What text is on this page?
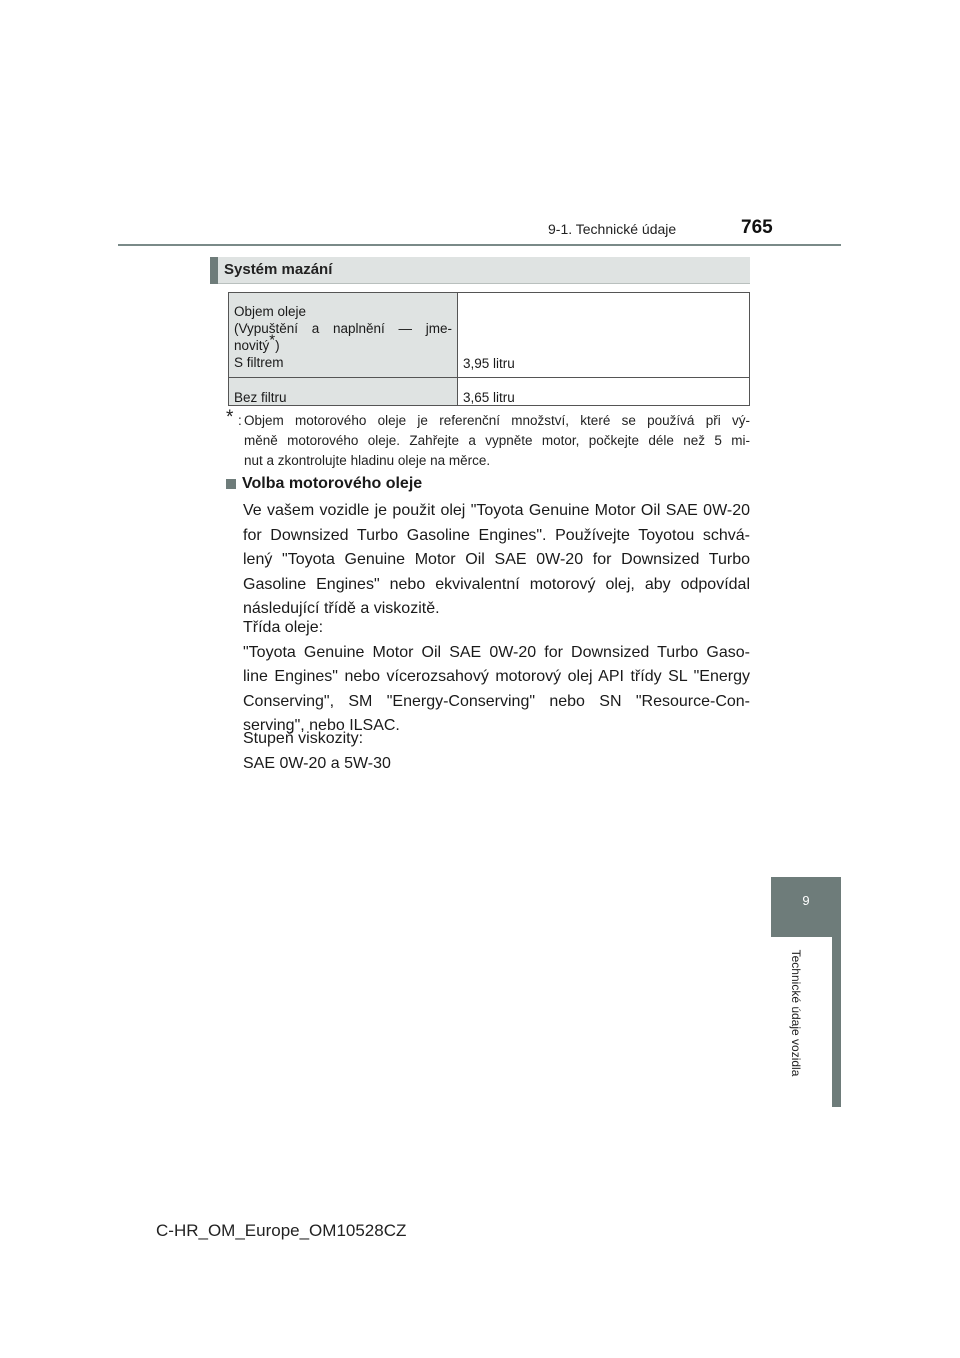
9-1. Technické údaje	765
9
Technické údaje vozidla
Systém mazání
Objem oleje
(Vypuštění a naplnění — jme-
novitý*)
S filtrem	3,95 litru
Bez filtru	3,65 litru
* : Objem motorového oleje je referenční množství, které se používá při vý-
měně motorového oleje. Zahřejte a vypněte motor, počkejte déle než 5 mi-
nut a zkontrolujte hladinu oleje na měrce.
Volba motorového oleje
Ve vašem vozidle je použit olej "Toyota Genuine Motor Oil SAE 0W-20
for Downsized Turbo Gasoline Engines". Používejte Toyotou schvá-
lený "Toyota Genuine Motor Oil SAE 0W-20 for Downsized Turbo
Gasoline Engines" nebo ekvivalentní motorový olej, aby odpovídal
následující třídě a viskozitě.
Třída oleje:
"Toyota Genuine Motor Oil SAE 0W-20 for Downsized Turbo Gaso-
line Engines" nebo vícerozsahový motorový olej API třídy SL "Energy
Conserving", SM "Energy-Conserving" nebo SN "Resource-Con-
serving", nebo ILSAC.
Stupeň viskozity:
SAE 0W-20 a 5W-30
C-HR_OM_Europe_OM10528CZ
